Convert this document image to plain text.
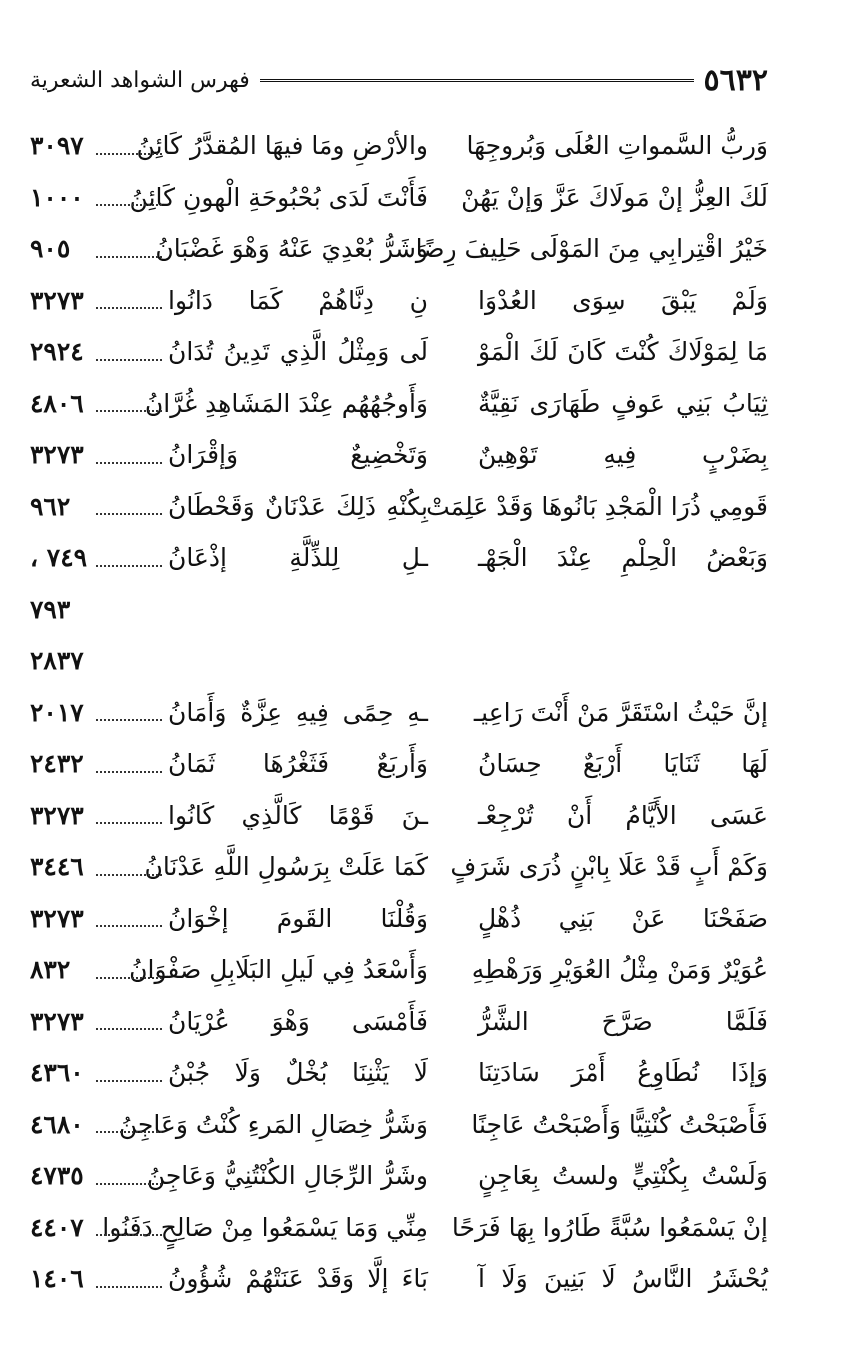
٥٦٣٢
فهرس الشواهد الشعرية
وَربُّ السَّمواتِ العُلَى وَبُروجِهَا
والأرْضِ ومَا فيهَا المُقدَّرُ كَائِنُ
٣٠٩٧
لَكَ العِزُّ إنْ مَولَاكَ عَزَّ وَإنْ يَهُنْ
فَأَنْتَ لَدَى بُحْبُوحَةِ الْهونِ كَائِنُ
١٠٠٠
خَيْرُ اقْتِرابِي مِنَ المَوْلَى حَلِيفَ رِضًا
وَشَرُّ بُعْدِيَ عَنْهُ وَهْوَ غَضْبَانُ
٩٠٥
وَلَمْ يَبْقَ سِوَى العُدْوَا
نِ دِنَّاهُمْ كَمَا دَانُوا
٣٢٧٣
مَا لِمَوْلَاكَ كُنْتَ كَانَ لَكَ الْمَوْ
لَى وَمِثْلُ الَّذِي تَدِينُ تُدَانُ
٢٩٢٤
ثِيَابُ بَنِي عَوفٍ طَهَارَى نَقِيَّةٌ
وَأَوجُهُهُم عِنْدَ المَشَاهِدِ غُرَّانُ
٤٨٠٦
بِضَرْبٍ فِيهِ تَوْهِينٌ
وَتَخْضِيعٌ وَإقْرَانُ
٣٢٧٣
قَومِي ذُرَا الْمَجْدِ بَانُوهَا وَقَدْ عَلِمَتْ
بِكُنْهِ ذَلِكَ عَدْنَانٌ وَقَحْطَانُ
٩٦٢
وَبَعْضُ الْحِلْمِ عِنْدَ الْجَهْـ
ـلِ لِلذِّلَّةِ إذْعَانُ
٧٤٩ ،
٧٩٣
٢٨٣٧
إنَّ حَيْثُ اسْتَقَرَّ مَنْ أَنْتَ رَاعِيـ
ـهِ حِمًى فِيهِ عِزَّةٌ وَأَمَانُ
٢٠١٧
لَهَا ثَنَايَا أَرْبَعٌ حِسَانُ
وَأَربَعٌ فَثَغْرُهَا ثَمَانُ
٢٤٣٢
عَسَى الأَيَّامُ أَنْ تُرْجِعْـ
ـنَ قَوْمًا كَالَّذِي كَانُوا
٣٢٧٣
وَكَمْ أَبٍ قَدْ عَلَا بِابْنٍ ذُرَى شَرَفٍ
كَمَا عَلَتْ بِرَسُولِ اللَّهِ عَدْنَانُ
٣٤٤٦
صَفَحْنَا عَنْ بَنِي ذُهْلٍ
وَقُلْنَا القَومَ إخْوَانُ
٣٢٧٣
عُوَيْرٌ وَمَنْ مِثْلُ العُوَيْرِ وَرَهْطِهِ
وَأَسْعَدُ فِي لَيلِ البَلَابِلِ صَفْوَانُ
٨٣٢
فَلَمَّا صَرَّحَ الشَّرُّ
فَأَمْسَى وَهْوَ عُرْيَانُ
٣٢٧٣
وَإذَا نُطَاوِعُ أَمْرَ سَادَتِنَا
لَا يَثْنِنَا بُخْلٌ وَلَا جُبْنُ
٤٣٦٠
فَأَصْبَحْتُ كُنْتِيًّا وَأَصْبَحْتُ عَاجِنًا
وَشَرُّ خِصَالِ المَرءِ كُنْتُ وَعَاجِنُ
٤٦٨٠
وَلَسْتُ بِكُنْتِيٍّ ولستُ بِعَاجِنٍ
وشَرُّ الرِّجَالِ الكُنْتُنِيُّ وَعَاجِنُ
٤٧٣٥
إنْ يَسْمَعُوا سُبَّةً طَارُوا بِهَا فَرَحًا
مِنِّي وَمَا يَسْمَعُوا مِنْ صَالِحٍ دَفَنُوا
٤٤٠٧
يُحْشَرُ النَّاسُ لَا بَنِينَ وَلَا آ
بَاءَ إلَّا وَقَدْ عَنَتْهُمْ شُؤُونُ
١٤٠٦
